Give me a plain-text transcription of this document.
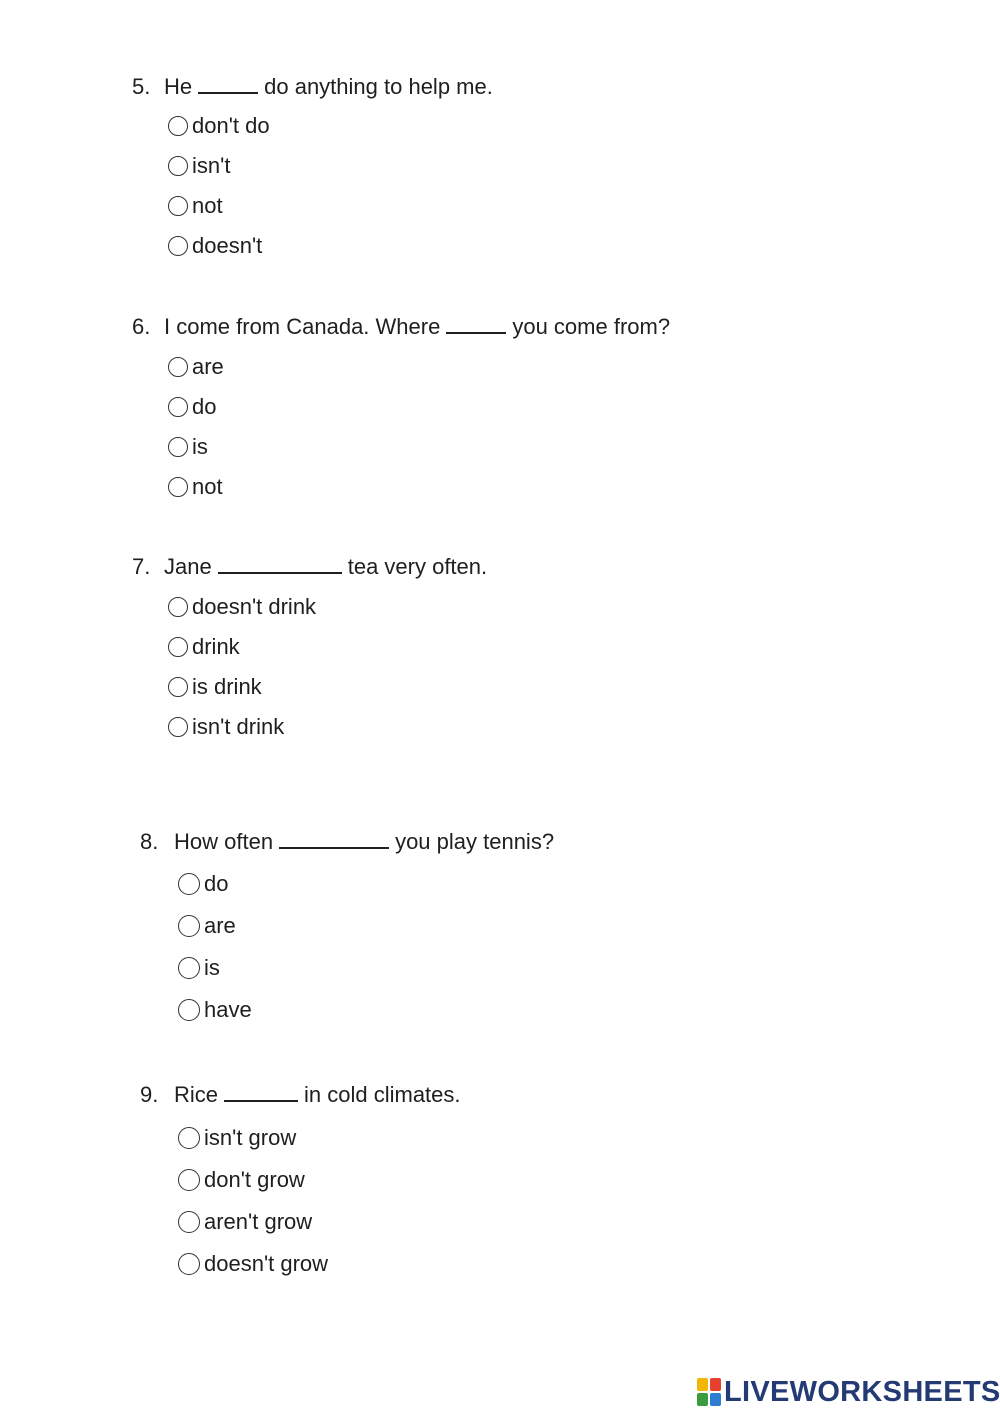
5. He	do anything to help me.
don't do
isn't
not
doesn't
6. I come from Canada. Where	you come from?
are
do
is
not
7. Jane	tea very often.
doesn't drink
drink
is drink
isn't drink
8. How often	you play tennis?
do
are
is
have
9. Rice	in cold climates.
isn't grow
don't grow
aren't grow
doesn't grow
LIVEWORKSHEETS
